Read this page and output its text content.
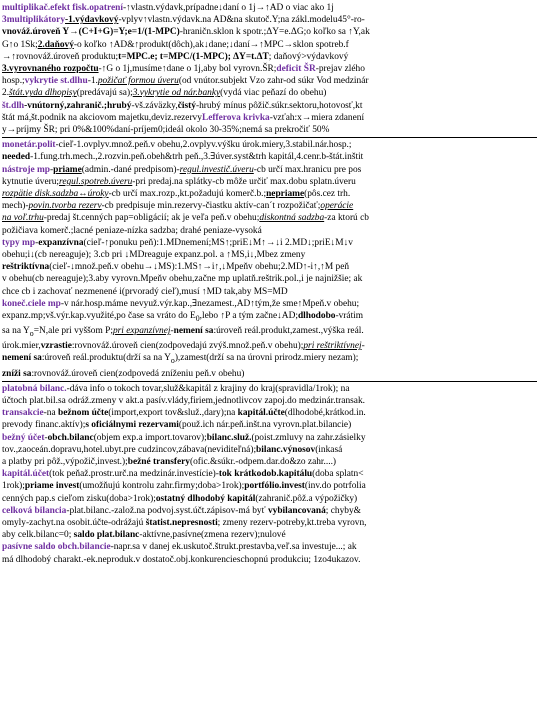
multiplikač.efekt fisk.opatrení-↑vlastn.výdavk,prípadne↓daní o 1j→↑AD o viac ako 1j
3multiplikátory-1.výdavkový-vplyv↑vlastn.výdavk.na AD&na skutoč.Y;na zákl.modelu45°-ro-
vnováž.úroveň Y→(C+I+G)=Y;e=1/(1-MPC)-hraničn.sklon k spotr.;ΔY=e.ΔG;o koľko sa ↑Y,ak
G↑o 1Sk;2.daňový-o koľko ↑AD&↑produkt(dôch),ak↓dane;↓daní→↑MPC→sklon spotreb.f
→↑rovnováž.úroveň produktu;t=MPC.e; t=MPC/(1-MPC); ΔY=t.ΔT; daňový>výdavkový
3.vyrovnaného rozpočtu-↑G o 1j,musíme↑dane o 1j,aby bol vyrovn.ŠR;deficit ŠR-prejav zlého
hosp.;vykrytie st.dlhu-1.požičať formou úveru(od vnútor.subjekt Vzo zahr-od súkr Vod medzinár
2.štát.vyda dlhopisy(predávajú sa);3.vykrytie od nár.banky(vydá viac peňazí do obehu)
št.dlh-vnútorný,zahranič.;hrubý-vš.záväzky,čistý-hrubý mínus pôžič.súkr.sektoru,hotovosť,kt
štát má,št.podnik na akciovom majetku,deviz.rezervyLefferova krivka-vzťah:x→miera zdanení
y→príjmy ŠR; pri 0%&100%daní-príjem0;ideál okolo 30-35%;nemá sa prekročiť 50%
monetár.polit-cieľ-1.ovplyv.množ.peň.v obehu,2.ovplyv.výšku úrok.miery,3.stabil.nár.hosp.;
needed-1.fung.trh.mech.,2.rozvin.peň.obeh&trh peň.,3.∃úver.syst&trh kapitál,4.cenr.b-štát.inštit
nástroje mp-priame(admin.-dané predpisom)-regul.investič.úveru-cb určí max.hranicu pre pos
kytnutie úveru;regul.spotreb.úveru-pri predaj.na splátky-cb môže určiť max.dobu splatn.úveru
rozpätie disk.sadzba↔úroky-cb určí max.rozp.,kt.požadujú komerč.b.;nepriame(pôs.cez trh.
mech)-povin.tvorba rezerv-cb predpisuje min.rezervy-čiastku aktív-can´t rozpožičať;operácie
na voľ.trhu-predaj št.cenných pap=obligácií; ak je veľa peň.v obehu;diskontná sadzba-za ktorú cb
požičiava komerč.;lacné peniaze-nízka sadzba; drahé peniaze-vysoká
typy mp-expanzívna(cieľ-↑ponuku peň):1.MDnemení;MS↑;priE↓M↑→↓i 2.MD↓;priE↓M↓v
obehu;i↓(cb nereaguje); 3.cb pri ↓MDreaguje expanz.pol. a ↑MS,i↓,Mbez zmeny
reštriktívna(cieľ-↓množ.peň.v obehu→↓MS):1.MS↑→i↑,↓Mpeňv obehu;2.MD↑-i↑,↑M peň
v obehu(cb nereaguje);3.aby vyrovn.Mpeňv obehu,začne mp uplatň.reštrik.pol.,i je najnižšie; ak
chce cb i zachovať nezmenené i(prvoradý cieľ),musí ↑MD tak,aby MS=MD
koneč.ciele mp-v nár.hosp.máme nevyuž.výr.kap.,∃nezamest.,AD↑tým,že sme↑Mpeň.v obehu;
expanz.mp;vš.výr.kap.využité,po čase sa vráto do $E_0,lebo$ ↑P a tým začne↓AD;dlhodobo-vrátim
sa na $Y_o=N,ale$ pri vyššom P;pri expanzívnej-nemení sa:úroveň reál.produkt,zamest.,výška reál.
úrok.mier,vzrastie:rovnováž.úroveň cien(zodpovedajú zvýš.množ.peň.v obehu);pri reštriktívnej-
nemení sa:úroveň reál.produktu(drží sa na $Y_o),zamest(drží$ sa na úrovni prirodz.miery nezam);
zníži sa:rovnováž.úroveň cien(zodpovedá zníženiu peň.v obehu)
platobná bilanc.-dáva info o tokoch tovar,služ&kapitál z krajiny do kraj(spravidla/1rok); na
účtoch plat.bil.sa odráž.zmeny v akt.a pasív.vlády,firiem,jednotlivcov zapoj.do medzinár.transak.
transakcie-na bežnom účte(import,export tov&služ.,dary);na kapitál.účte(dlhodobé,krátkod.in.
prevody financ.aktív);s oficiálnymi rezervami(použ.ich nár.peň.inšt.na vyrovn.plat.bilancie)
bežný účet-obch.bilanc(objem exp.a import.tovarov);bilanc.služ.(poist.zmluvy na zahr.zásielky
tov.,zaoceán.dopravu,hotel.ubyt.pre cudzincov,zábava(neviditeľná);bilanc.výnosov(inkasá
a platby pri pôž.,výpožič,invest.);bežné transfery(ofic.&súkr.-odpem.dar.do&zo zahr....)
kapitál.účet(tok peňaž.prostr.urč.na medzinár.investície)-tok krátkodob.kapitálu(doba splatn<
1rok);priame invest(umožňujú kontrolu zahr.firmy;doba>1rok);portfólio.invest(inv.do potrfolia
cenných pap.s cieľom zisku(doba>1rok);ostatný dlhodobý kapitál(zahranič.pôž.a výpožičky)
celková bilancia-plat.bilanc.-založ.na podvoj.syst.účt.zápisov-má byť vybilancovaná; chyby&
omyly-zachyt.na osobit.účte-odrážajú štatist.nepresnosti; zmeny rezerv-potreby,kt.treba vyrovn,
aby celk.bilanc=0; saldo plat.bilanc-aktívne,pasívne(zmena rezerv);nulové
pasívne saldo obch.bilancie-napr.sa v danej ek.uskutoč.štrukt.prestavba,veľ.sa investuje...; ak
má dlhodobý charakt.-ek.neproduk.v dostatoč.obj.konkurencieschopnú produkciu; 1zo4ukazov.
